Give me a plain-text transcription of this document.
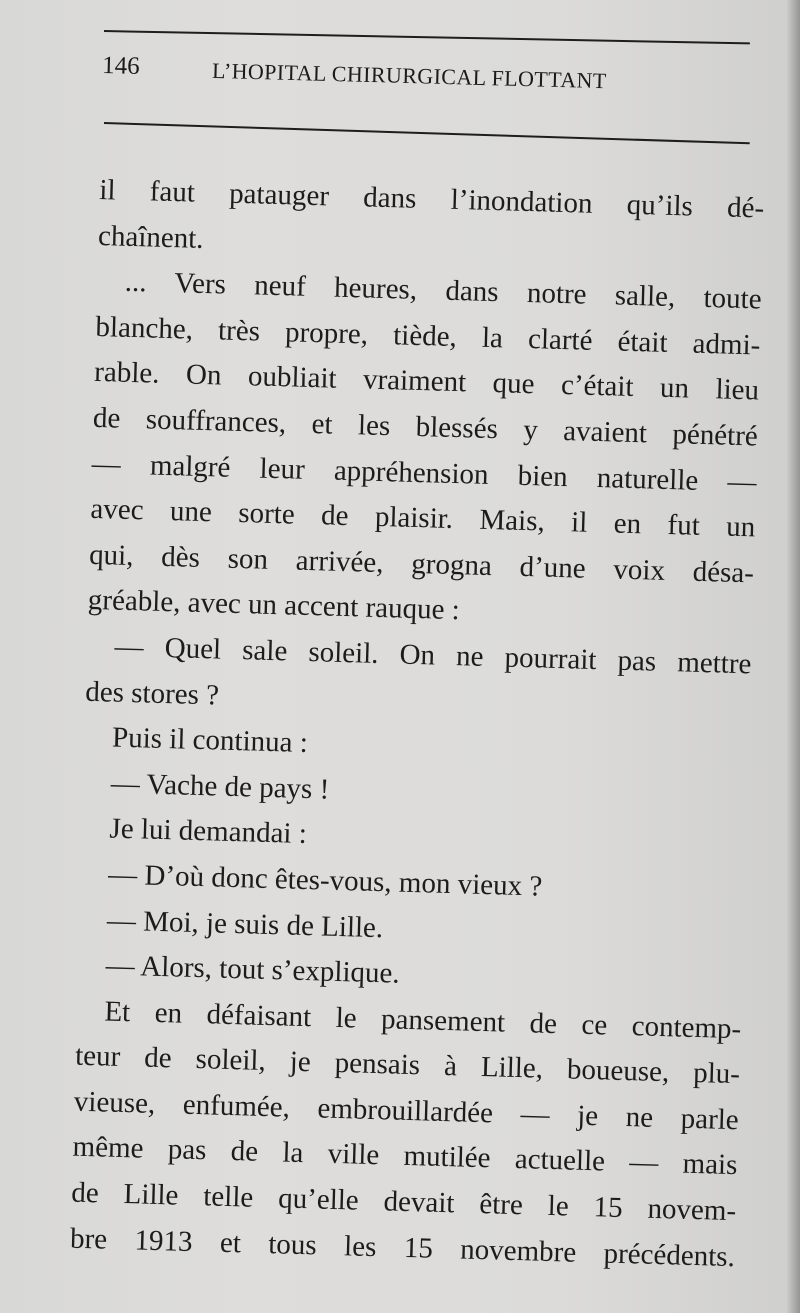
146	L’HOPITAL CHIRURGICAL FLOTTANT
il faut patauger dans l’inondation qu’ils dé-
chaînent.
... Vers neuf heures, dans notre salle, toute
blanche, très propre, tiède, la clarté était admi-
rable. On oubliait vraiment que c’était un lieu
de souffrances, et les blessés y avaient pénétré
— malgré leur appréhension bien naturelle —
avec une sorte de plaisir. Mais, il en fut un
qui, dès son arrivée, grogna d’une voix désa-
gréable, avec un accent rauque :
— Quel sale soleil. On ne pourrait pas mettre
des stores ?
Puis il continua :
— Vache de pays !
Je lui demandai :
— D’où donc êtes-vous, mon vieux ?
— Moi, je suis de Lille.
— Alors, tout s’explique.
Et en défaisant le pansement de ce contemp-
teur de soleil, je pensais à Lille, boueuse, plu-
vieuse, enfumée, embrouillardée — je ne parle
même pas de la ville mutilée actuelle — mais
de Lille telle qu’elle devait être le 15 novem-
bre 1913 et tous les 15 novembre précédents.
